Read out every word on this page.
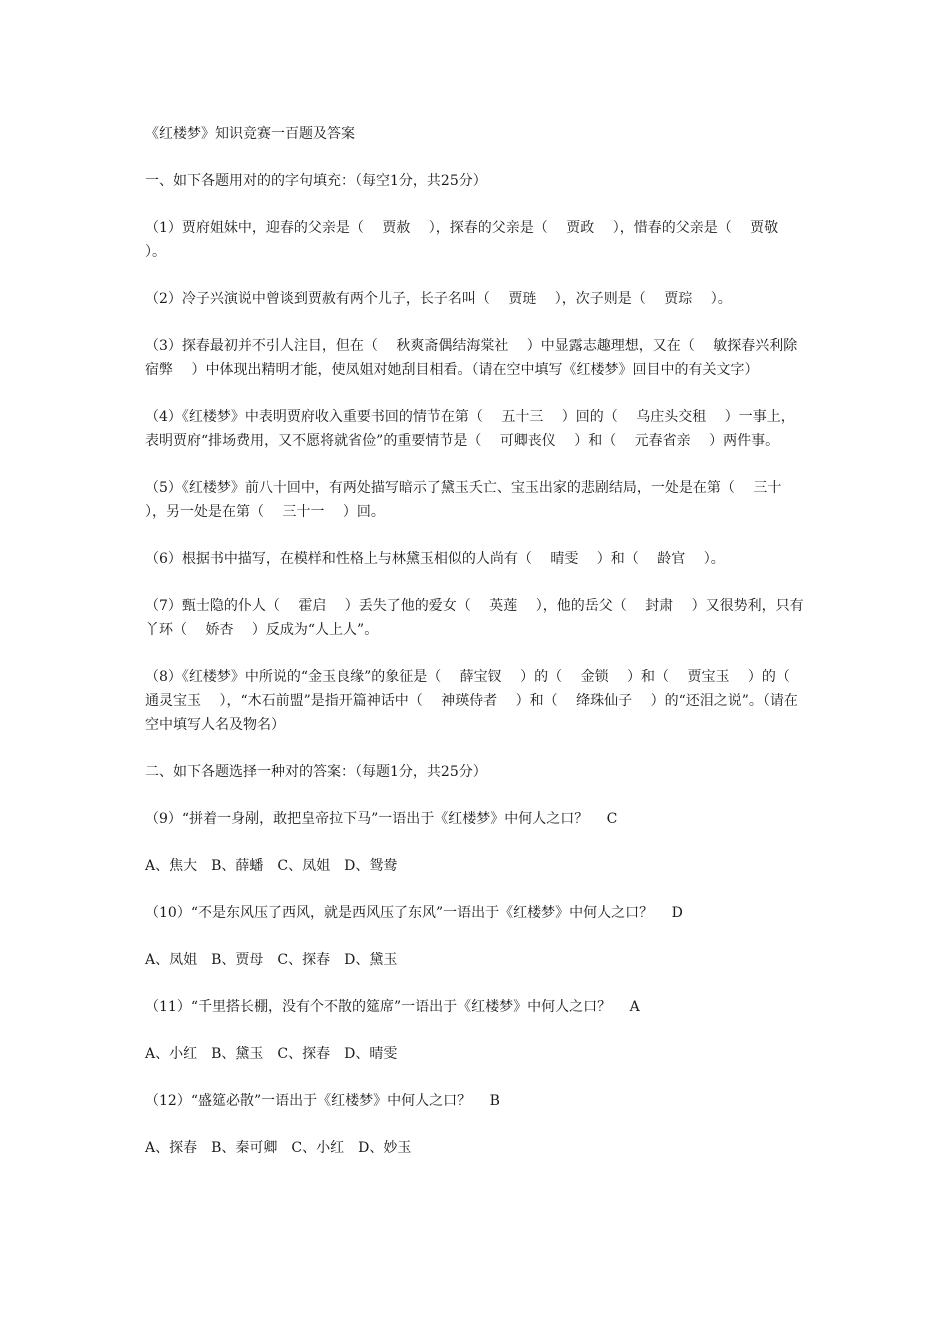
《红楼梦》知识竞赛一百题及答案

一、如下各题用对的的字句填充：（每空1分，共25分）

（1）贾府姐妹中，迎春的父亲是（　 贾赦　 ），探春的父亲是（　 贾政　 ），惜春的父亲是（　 贾敬　 ）。

（2）冷子兴演说中曾谈到贾赦有两个儿子，长子名叫（　 贾琏　 ），次子则是（　 贾琮　 ）。

（3）探春最初并不引人注目，但在（　 秋爽斋偶结海棠社　 ）中显露志趣理想，又在（　 敏探春兴利除宿弊　 ）中体现出精明才能，使凤姐对她刮目相看。（请在空中填写《红楼梦》回目中的有关文字）

（4）《红楼梦》中表明贾府收入重要书回的情节在第（　 五十三　 ）回的（　 乌庄头交租　 ）一事上，表明贾府“排场费用，又不愿将就省俭”的重要情节是（　 可卿丧仪　 ）和（　 元春省亲　 ）两件事。

（5）《红楼梦》前八十回中，有两处描写暗示了黛玉夭亡、宝玉出家的悲剧结局，一处是在第（　 三十　 ），另一处是在第（　 三十一　 ）回。

（6）根据书中描写，在模样和性格上与林黛玉相似的人尚有（　 晴雯　 ）和（　 龄官　 ）。

（7）甄士隐的仆人（　 霍启　 ）丢失了他的爱女（　 英莲　 ），他的岳父（　 封肃　 ）又很势利，只有丫环（　 娇杏　 ）反成为“人上人”。

（8）《红楼梦》中所说的“金玉良缘”的象征是（　 薛宝钗　 ）的（　 金锁　 ）和（　 贾宝玉　 ）的（　 通灵宝玉　 ），“木石前盟”是指开篇神话中（　 神瑛侍者　 ）和（　 绛珠仙子　 ）的“还泪之说”。（请在空中填写人名及物名）

二、如下各题选择一种对的答案：（每题1分，共25分）

（9）“拼着一身剐，敢把皇帝拉下马”一语出于《红楼梦》中何人之口？　 C

A、焦大　B、薛蟠　C、凤姐　D、鸳鸯

（10）“不是东风压了西风，就是西风压了东风”一语出于《红楼梦》中何人之口？　 D

A、凤姐　B、贾母　C、探春　D、黛玉

（11）“千里搭长棚，没有个不散的筵席”一语出于《红楼梦》中何人之口？　 A

A、小红　B、黛玉　C、探春　D、晴雯

（12）“盛筵必散”一语出于《红楼梦》中何人之口？　 B

A、探春　B、秦可卿　C、小红　D、妙玉
